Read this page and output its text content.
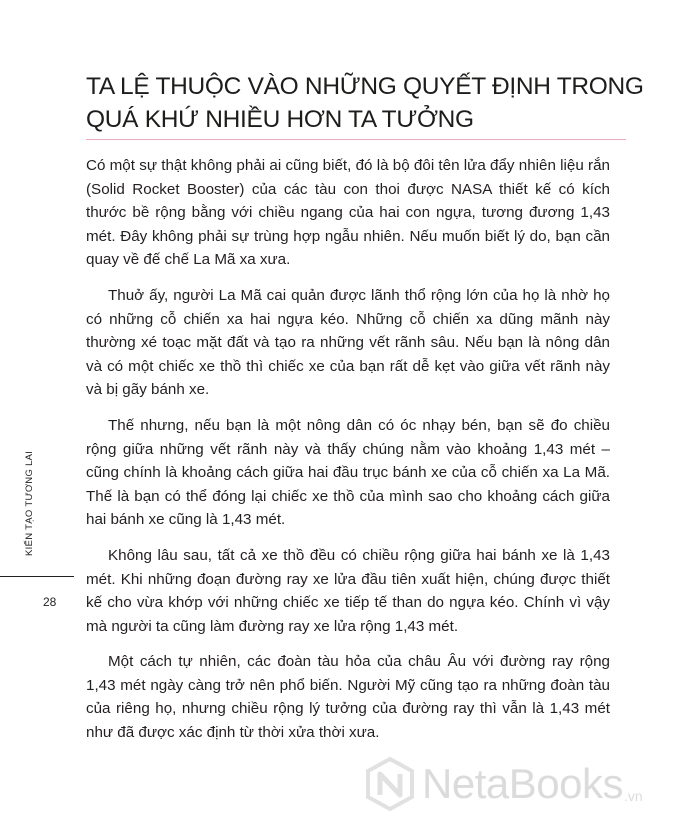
TA LỆ THUỘC VÀO NHỮNG QUYẾT ĐỊNH TRONG
QUÁ KHỨ NHIỀU HƠN TA TƯỞNG

Có một sự thật không phải ai cũng biết, đó là bộ đôi tên lửa đẩy nhiên liệu rắn (Solid Rocket Booster) của các tàu con thoi được NASA thiết kế có kích thước bề rộng bằng với chiều ngang của hai con ngựa, tương đương 1,43 mét. Đây không phải sự trùng hợp ngẫu nhiên. Nếu muốn biết lý do, bạn cần quay về đế chế La Mã xa xưa.

Thuở ấy, người La Mã cai quản được lãnh thổ rộng lớn của họ là nhờ họ có những cỗ chiến xa hai ngựa kéo. Những cỗ chiến xa dũng mãnh này thường xé toạc mặt đất và tạo ra những vết rãnh sâu. Nếu bạn là nông dân và có một chiếc xe thồ thì chiếc xe của bạn rất dễ kẹt vào giữa vết rãnh này và bị gãy bánh xe.

Thế nhưng, nếu bạn là một nông dân có óc nhạy bén, bạn sẽ đo chiều rộng giữa những vết rãnh này và thấy chúng nằm vào khoảng 1,43 mét – cũng chính là khoảng cách giữa hai đầu trục bánh xe của cỗ chiến xa La Mã. Thế là bạn có thể đóng lại chiếc xe thồ của mình sao cho khoảng cách giữa hai bánh xe cũng là 1,43 mét.

Không lâu sau, tất cả xe thồ đều có chiều rộng giữa hai bánh xe là 1,43 mét. Khi những đoạn đường ray xe lửa đầu tiên xuất hiện, chúng được thiết kế cho vừa khớp với những chiếc xe tiếp tế than do ngựa kéo. Chính vì vậy mà người ta cũng làm đường ray xe lửa rộng 1,43 mét.

Một cách tự nhiên, các đoàn tàu hỏa của châu Âu với đường ray rộng 1,43 mét ngày càng trở nên phổ biến. Người Mỹ cũng tạo ra những đoàn tàu của riêng họ, nhưng chiều rộng lý tưởng của đường ray thì vẫn là 1,43 mét như đã được xác định từ thời xửa thời xưa.

KIẾN TẠO TƯƠNG LAI
28
NetaBooks .vn
